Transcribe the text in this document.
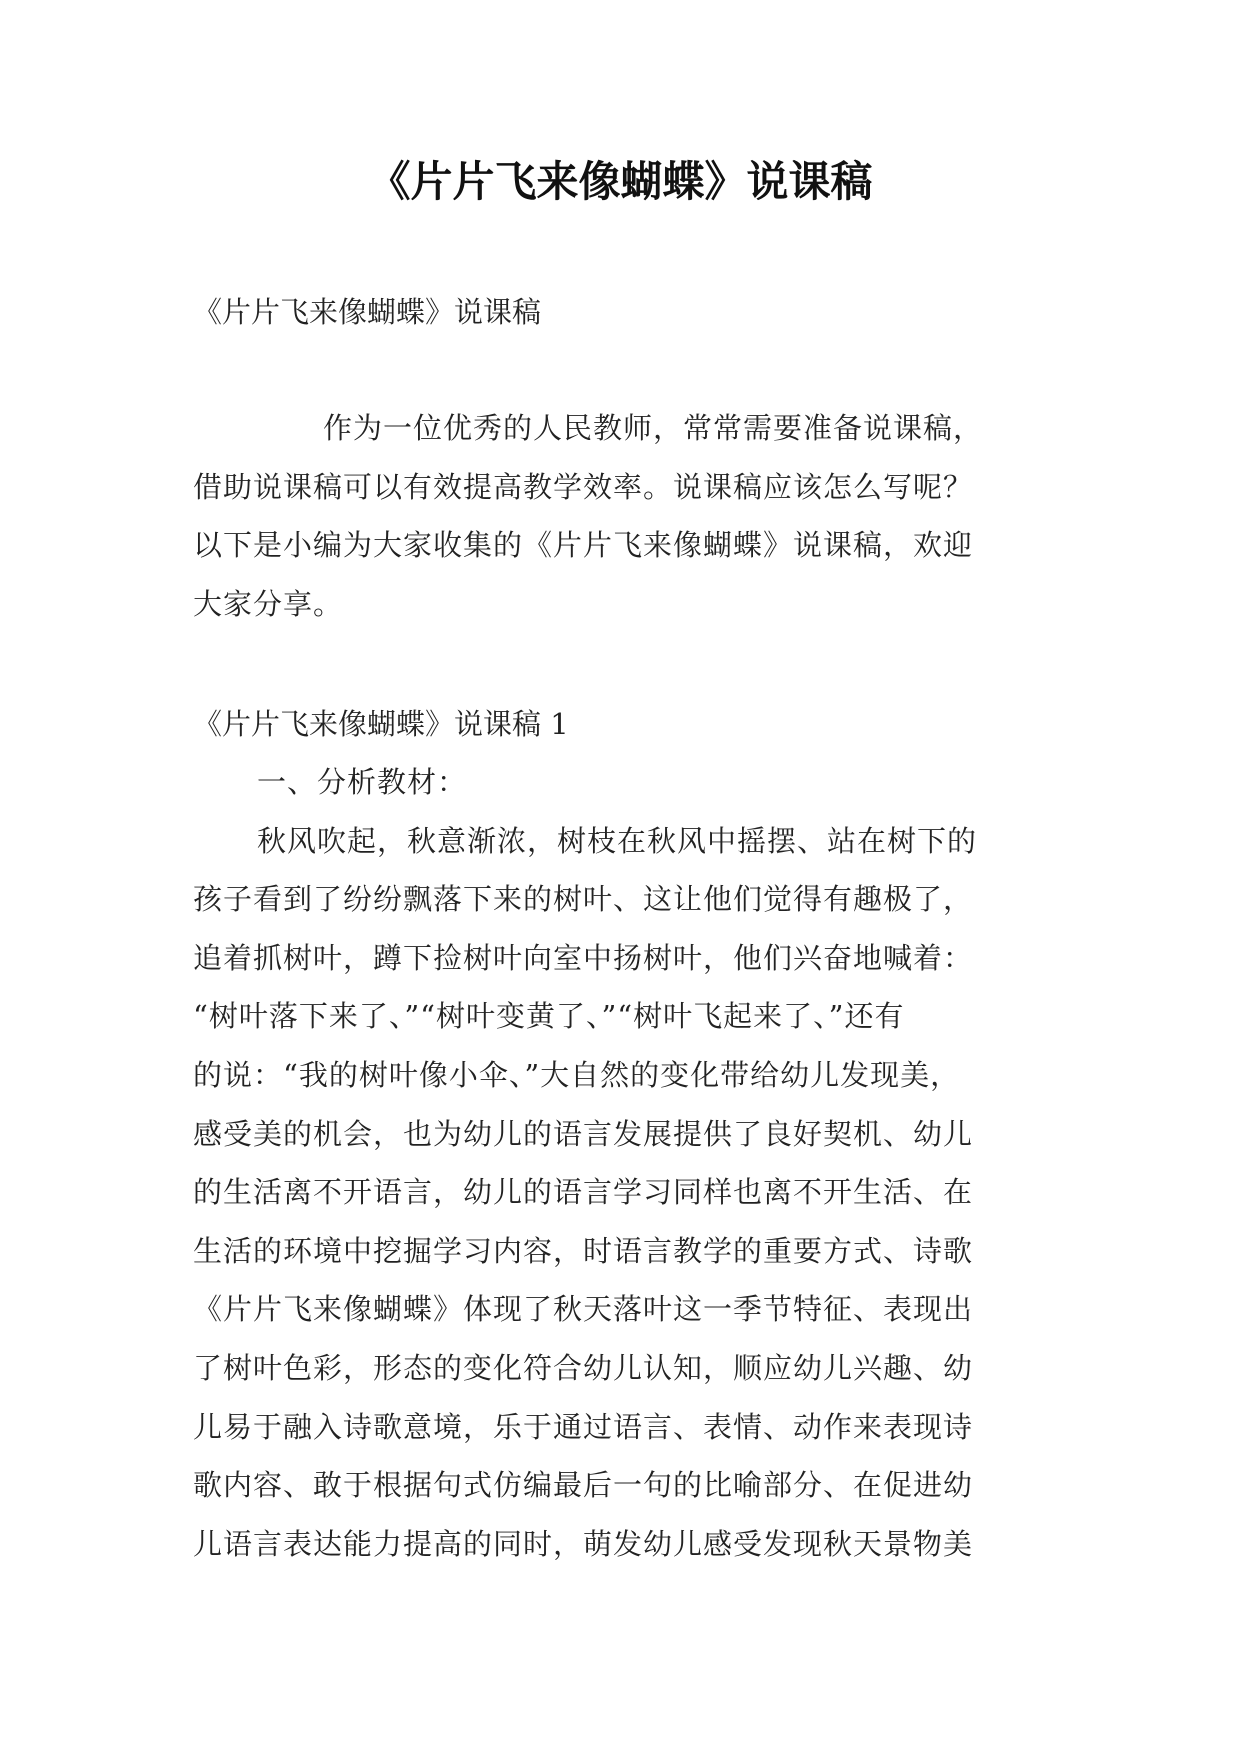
《片片飞来像蝴蝶》说课稿

《片片飞来像蝴蝶》说课稿

作为一位优秀的人民教师，常常需要准备说课稿，
借助说课稿可以有效提高教学效率。说课稿应该怎么写呢？
以下是小编为大家收集的《片片飞来像蝴蝶》说课稿，欢迎
大家分享。

《片片飞来像蝴蝶》说课稿 1

一、分析教材：
秋风吹起，秋意渐浓，树枝在秋风中摇摆、站在树下的
孩子看到了纷纷飘落下来的树叶、这让他们觉得有趣极了，
追着抓树叶，蹲下捡树叶向室中扬树叶，他们兴奋地喊着：
“树叶落下来了、”“树叶变黄了、”“树叶飞起来了、”还有
的说：“我的树叶像小伞、”大自然的变化带给幼儿发现美，
感受美的机会，也为幼儿的语言发展提供了良好契机、幼儿
的生活离不开语言，幼儿的语言学习同样也离不开生活、在
生活的环境中挖掘学习内容，时语言教学的重要方式、诗歌
《片片飞来像蝴蝶》体现了秋天落叶这一季节特征、表现出
了树叶色彩，形态的变化符合幼儿认知，顺应幼儿兴趣、幼
儿易于融入诗歌意境，乐于通过语言、表情、动作来表现诗
歌内容、敢于根据句式仿编最后一句的比喻部分、在促进幼
儿语言表达能力提高的同时，萌发幼儿感受发现秋天景物美
